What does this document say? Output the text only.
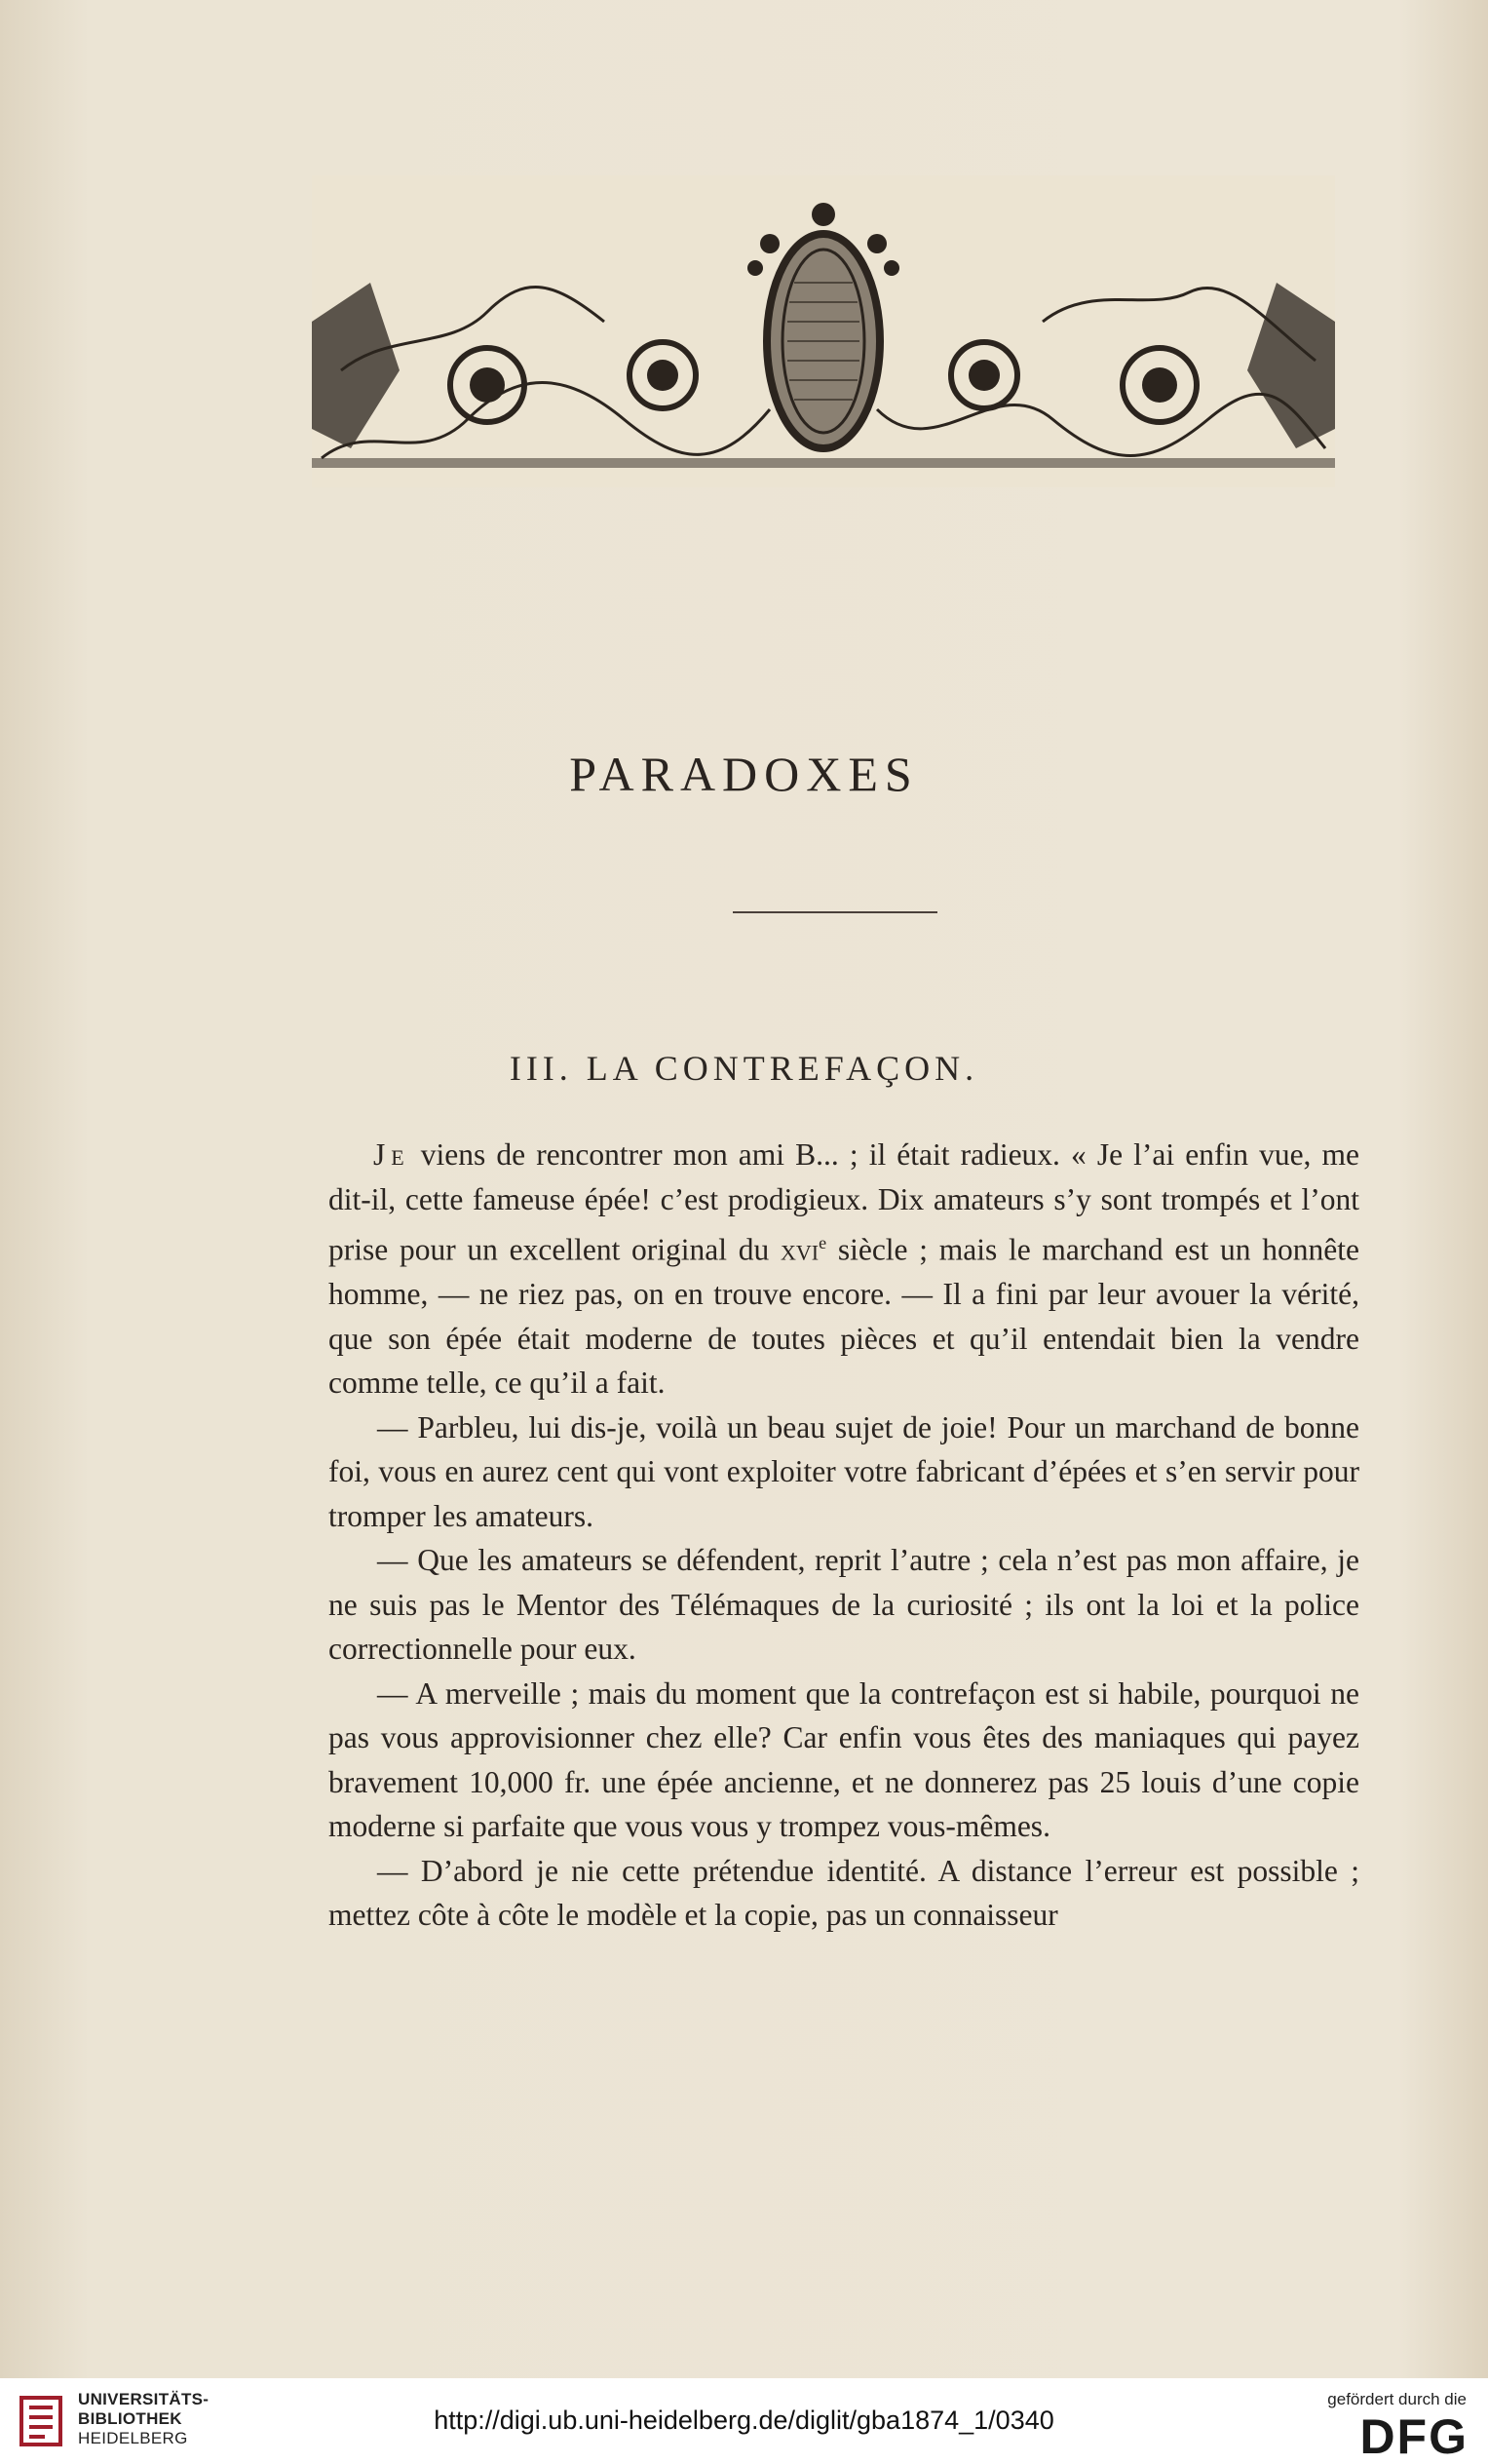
PARADOXES
III. LA CONTREFAÇON.

Je viens de rencontrer mon ami B... ; il était radieux. « Je l’ai enfin vue, me dit-il, cette fameuse épée! c’est prodigieux. Dix amateurs s’y sont trompés et l’ont prise pour un excellent original du xvi$^e$ siècle ; mais le marchand est un honnête homme, — ne riez pas, on en trouve encore. — Il a fini par leur avouer la vérité, que son épée était moderne de toutes pièces et qu’il entendait bien la vendre comme telle, ce qu’il a fait.

— Parbleu, lui dis-je, voilà un beau sujet de joie! Pour un marchand de bonne foi, vous en aurez cent qui vont exploiter votre fabricant d’épées et s’en servir pour tromper les amateurs.

— Que les amateurs se défendent, reprit l’autre ; cela n’est pas mon affaire, je ne suis pas le Mentor des Télémaques de la curiosité ; ils ont la loi et la police correctionnelle pour eux.

— A merveille ; mais du moment que la contrefaçon est si habile, pourquoi ne pas vous approvisionner chez elle? Car enfin vous êtes des maniaques qui payez bravement 10,000 fr. une épée ancienne, et ne donnerez pas 25 louis d’une copie moderne si parfaite que vous vous y trompez vous-mêmes.

— D’abord je nie cette prétendue identité. A distance l’erreur est possible ; mettez côte à côte le modèle et la copie, pas un connaisseur

UNIVERSITÄTS-
BIBLIOTHEK
HEIDELBERG
http://digi.ub.uni-heidelberg.de/diglit/gba1874_1/0340
gefördert durch die
DFG
